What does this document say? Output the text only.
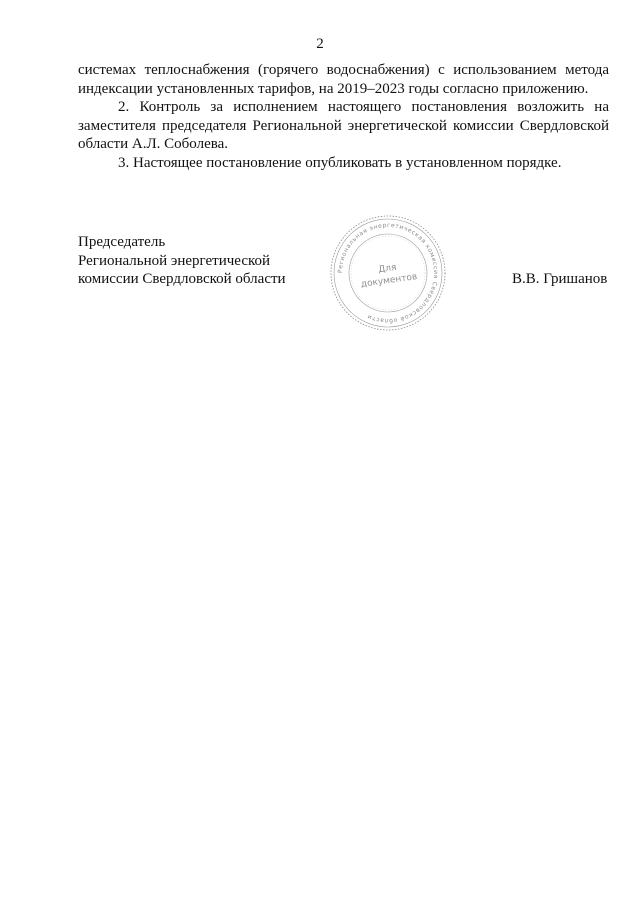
2

системах теплоснабжения (горячего водоснабжения) с использованием метода индексации установленных тарифов, на 2019–2023 годы согласно приложению.

2. Контроль за исполнением настоящего постановления возложить на заместителя председателя Региональной энергетической комиссии Свердловской области А.Л. Соболева.

3. Настоящее постановление опубликовать в установленном порядке.

Председатель
Региональной энергетической
комиссии Свердловской области
Региональная энергетическая комиссия Свердловской области
Для
документов	В.В. Гришанов
